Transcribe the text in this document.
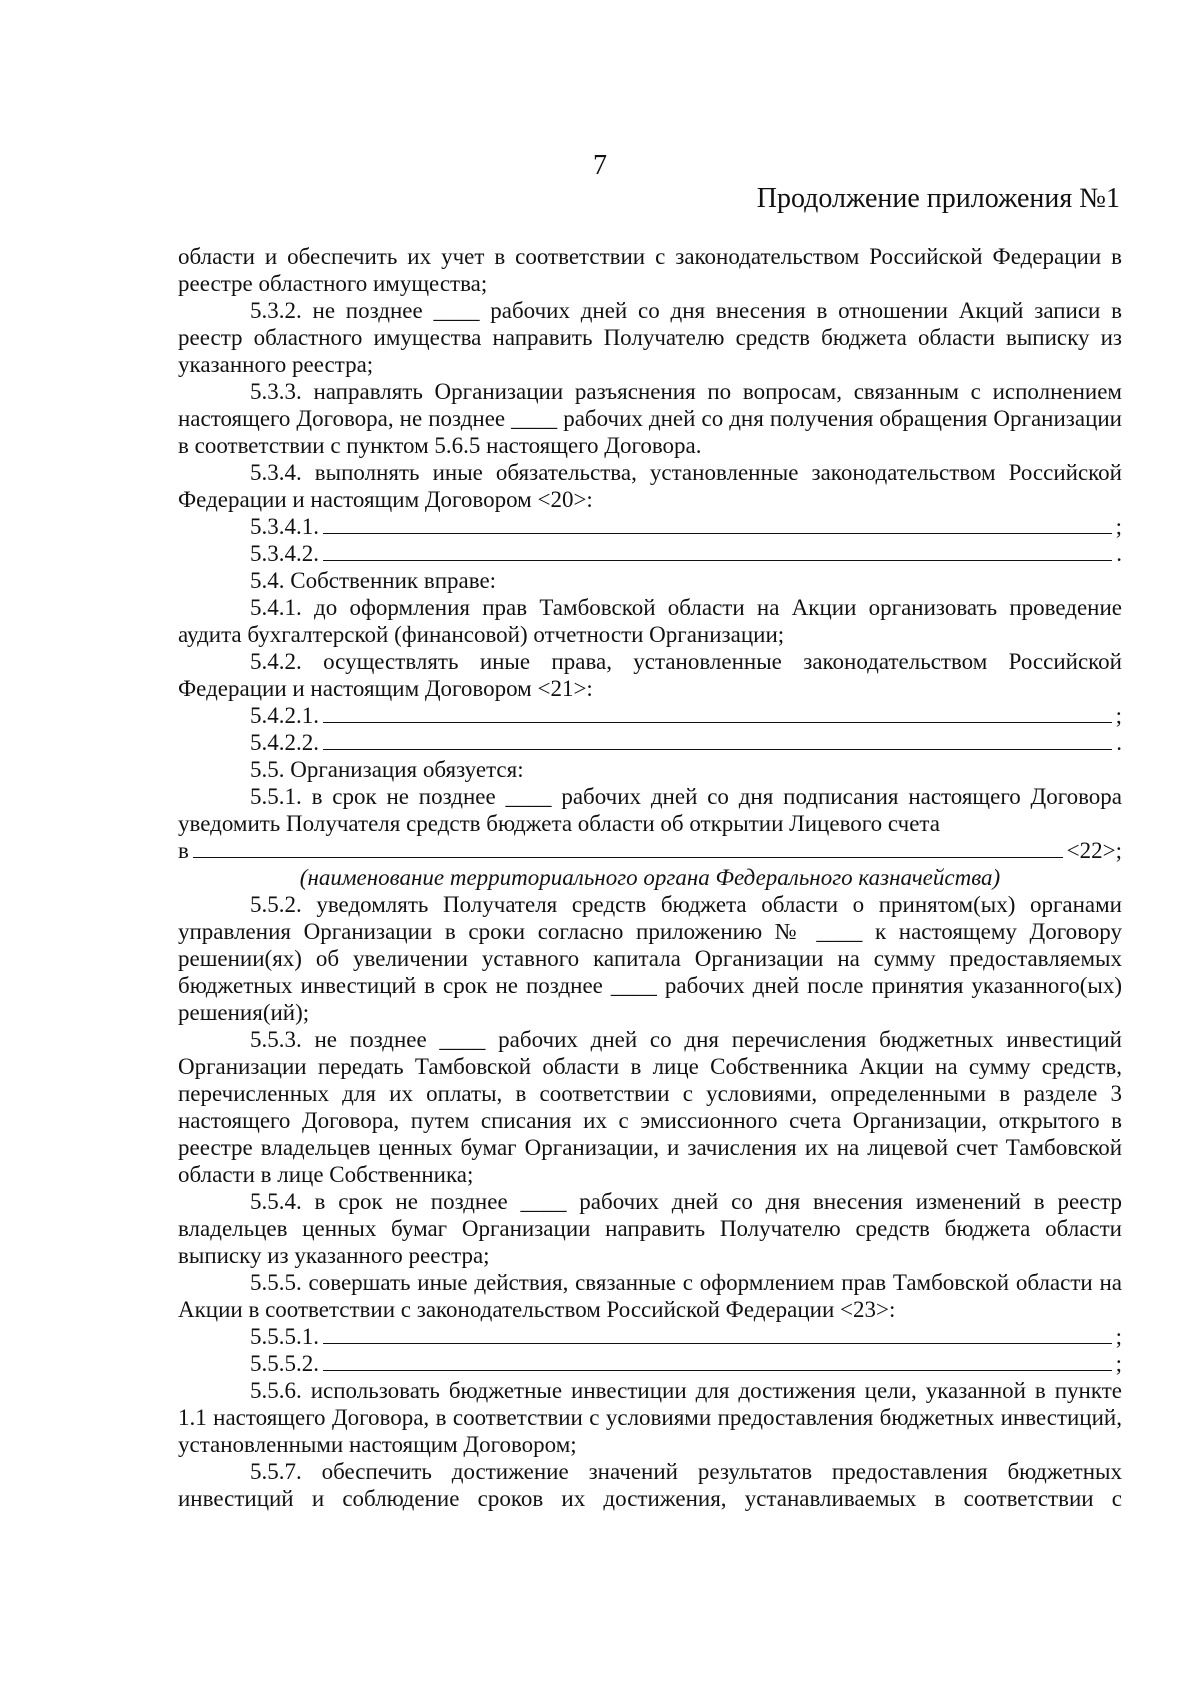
7
Продолжение приложения №1

области и обеспечить их учет в соответствии с законодательством Российской Федерации в реестре областного имущества;

5.3.2. не позднее ____ рабочих дней со дня внесения в отношении Акций записи в реестр областного имущества направить Получателю средств бюджета области выписку из указанного реестра;

5.3.3. направлять Организации разъяснения по вопросам, связанным с исполнением настоящего Договора, не позднее ____ рабочих дней со дня получения обращения Организации в соответствии с пунктом 5.6.5 настоящего Договора.

5.3.4. выполнять иные обязательства, установленные законодательством Российской Федерации и настоящим Договором <20>:

5.3.4.1.	;
5.3.4.2.	.

5.4. Собственник вправе:

5.4.1. до оформления прав Тамбовской области на Акции организовать проведение аудита бухгалтерской (финансовой) отчетности Организации;

5.4.2. осуществлять иные права, установленные законодательством Российской Федерации и настоящим Договором <21>:

5.4.2.1.	;
5.4.2.2.	.

5.5. Организация обязуется:

5.5.1. в срок не позднее ____ рабочих дней со дня подписания настоящего Договора уведомить Получателя средств бюджета области об открытии Лицевого счета

в	<22>;

(наименование территориального органа Федерального казначейства)

5.5.2. уведомлять Получателя средств бюджета области о принятом(ых) органами управления Организации в сроки согласно приложению № ____ к настоящему Договору решении(ях) об увеличении уставного капитала Организации на сумму предоставляемых бюджетных инвестиций в срок не позднее ____ рабочих дней после принятия указанного(ых) решения(ий);

5.5.3. не позднее ____ рабочих дней со дня перечисления бюджетных инвестиций Организации передать Тамбовской области в лице Собственника Акции на сумму средств, перечисленных для их оплаты, в соответствии с условиями, определенными в разделе 3 настоящего Договора, путем списания их с эмиссионного счета Организации, открытого в реестре владельцев ценных бумаг Организации, и зачисления их на лицевой счет Тамбовской области в лице Собственника;

5.5.4. в срок не позднее ____ рабочих дней со дня внесения изменений в реестр владельцев ценных бумаг Организации направить Получателю средств бюджета области выписку из указанного реестра;

5.5.5. совершать иные действия, связанные с оформлением прав Тамбовской области на Акции в соответствии с законодательством Российской Федерации <23>:

5.5.5.1.	;
5.5.5.2.	;

5.5.6. использовать бюджетные инвестиции для достижения цели, указанной в пункте 1.1 настоящего Договора, в соответствии с условиями предоставления бюджетных инвестиций, установленными настоящим Договором;

5.5.7. обеспечить достижение значений результатов предоставления бюджетных инвестиций и соблюдение сроков их достижения, устанавливаемых в соответствии с
